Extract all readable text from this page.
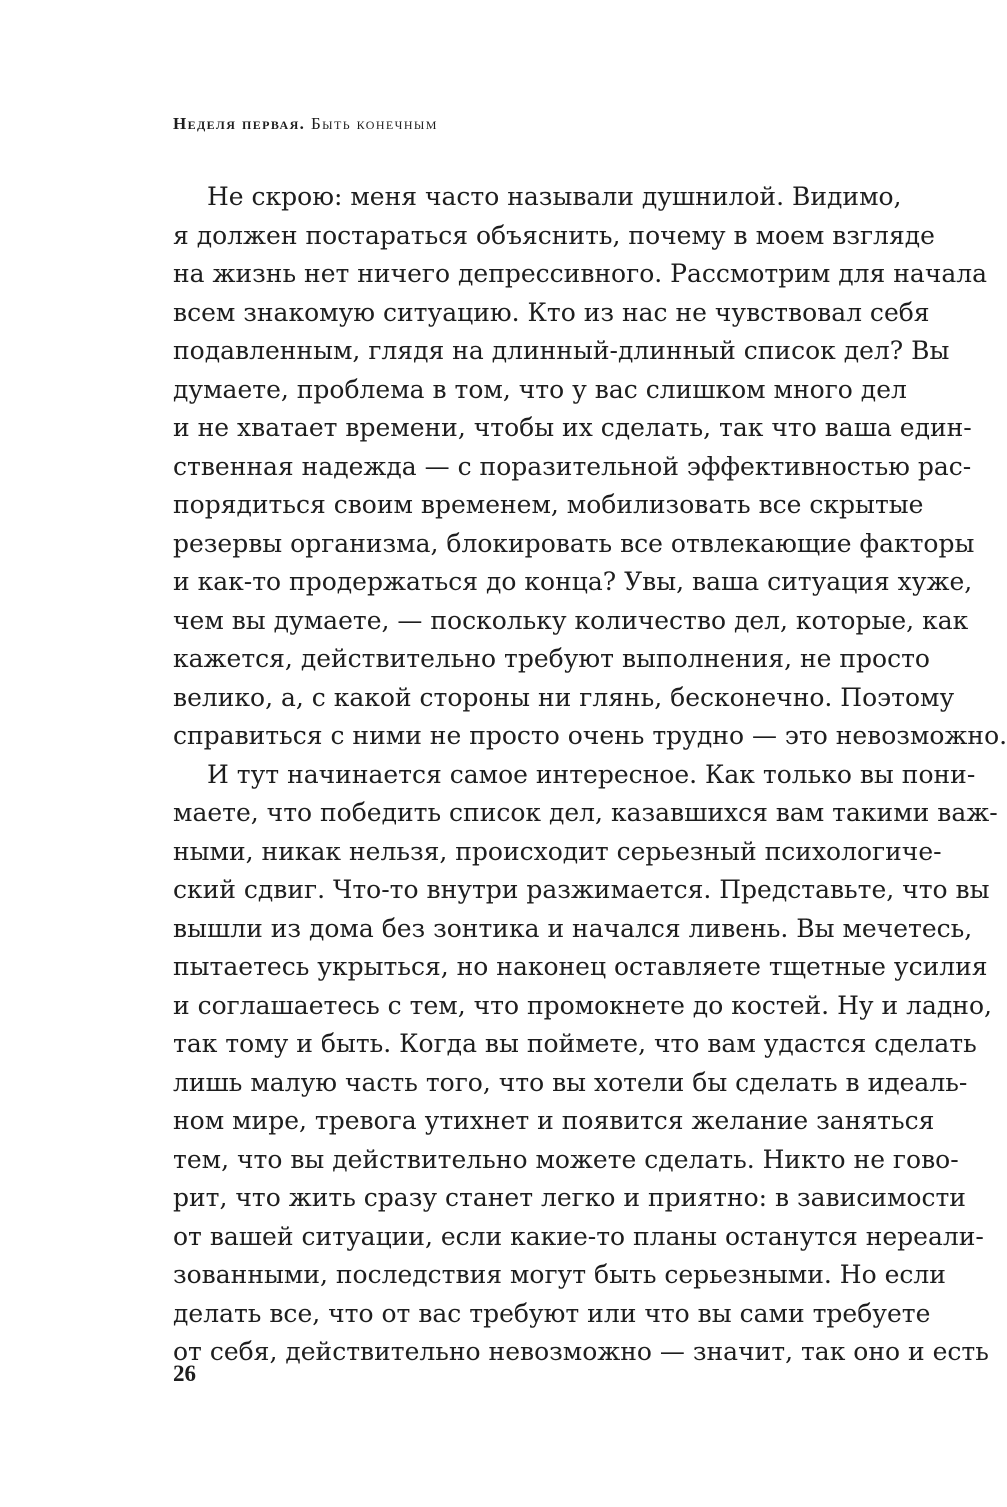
Неделя первая. Быть конечным
Не скрою: меня часто называли душнилой. Видимо,
я должен постараться объяснить, почему в моем взгляде
на жизнь нет ничего депрессивного. Рассмотрим для начала
всем знакомую ситуацию. Кто из нас не чувствовал себя
подавленным, глядя на длинный-длинный список дел? Вы
думаете, проблема в том, что у вас слишком много дел
и не хватает времени, чтобы их сделать, так что ваша един-
ственная надежда — с поразительной эффективностью рас-
порядиться своим временем, мобилизовать все скрытые
резервы организма, блокировать все отвлекающие факторы
и как-то продержаться до конца? Увы, ваша ситуация хуже,
чем вы думаете, — поскольку количество дел, которые, как
кажется, действительно требуют выполнения, не просто
велико, а, с какой стороны ни глянь, бесконечно. Поэтому
справиться с ними не просто очень трудно — это невозможно.
И тут начинается самое интересное. Как только вы пони-
маете, что победить список дел, казавшихся вам такими важ-
ными, никак нельзя, происходит серьезный психологиче-
ский сдвиг. Что-то внутри разжимается. Представьте, что вы
вышли из дома без зонтика и начался ливень. Вы мечетесь,
пытаетесь укрыться, но наконец оставляете тщетные усилия
и соглашаетесь с тем, что промокнете до костей. Ну и ладно,
так тому и быть. Когда вы поймете, что вам удастся сделать
лишь малую часть того, что вы хотели бы сделать в идеаль-
ном мире, тревога утихнет и появится желание заняться
тем, что вы действительно можете сделать. Никто не гово-
рит, что жить сразу станет легко и приятно: в зависимости
от вашей ситуации, если какие-то планы останутся нереали-
зованными, последствия могут быть серьезными. Но если
делать все, что от вас требуют или что вы сами требуете
от себя, действительно невозможно — значит, так оно и есть
26
